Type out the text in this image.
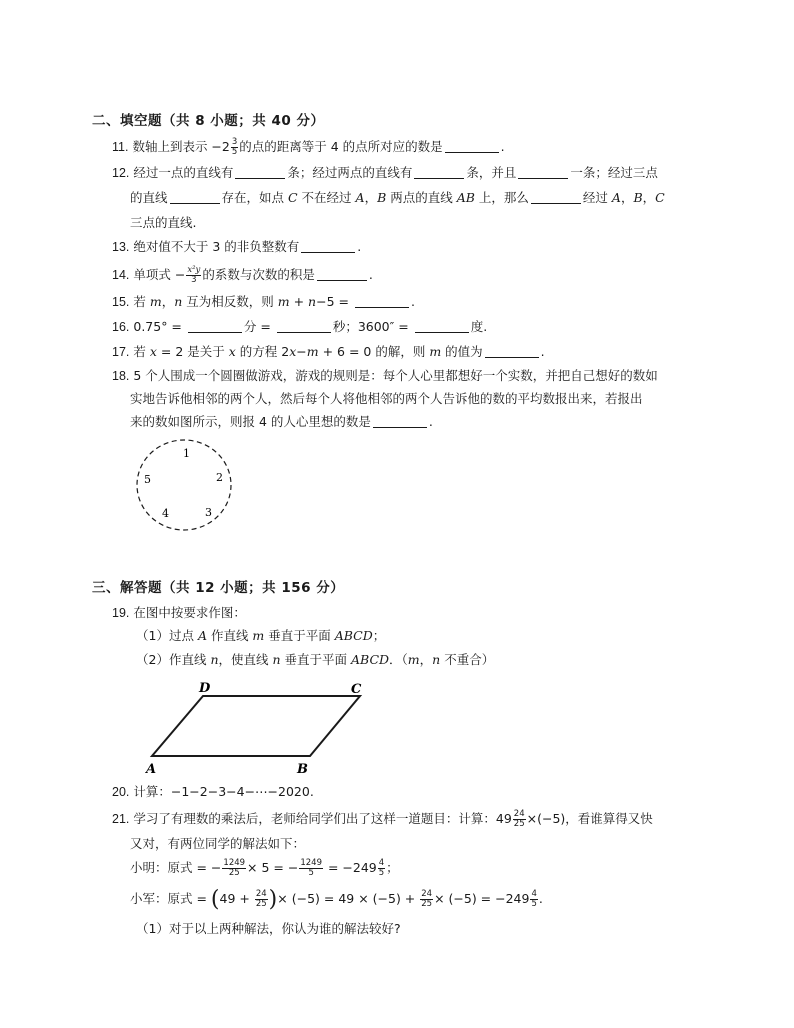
二、填空题（共 8 小题；共 40 分）
11. 数轴上到表示 $-2 \frac{3}{5}$ 的点的距离等于 4 的点所对应的数是	.
12. 经过一点的直线有	条；经过两点的直线有	条，并且	一条；经过三点
的直线	存在，如点 C 不在经过 A，B 两点的直线 AB 上，那么	经过 A，B，C
三点的直线.
13. 绝对值不大于 3 的非负整数有	.
14. 单项式 − $\frac{\text{x²y}}{3}$ 的系数与次数的积是	.
15. 若 m，n 互为相反数，则 m + n−5 =	.
16. 0.75° =	分 =	秒；3600″ =	度.
17. 若 x = 2 是关于 x 的方程 2x−m + 6 = 0 的解，则 m 的值为	.
18. 5 个人围成一个圆圈做游戏，游戏的规则是：每个人心里都想好一个实数，并把自己想好的数如
实地告诉他相邻的两个人，然后每个人将他相邻的两个人告诉他的数的平均数报出来，若报出
来的数如图所示，则报 4 的人心里想的数是	.
1
2
3
4
5
三、解答题（共 12 小题；共 156 分）
19. 在图中按要求作图：
（1）过点 A 作直线 m 垂直于平面 ABCD；
（2）作直线 n，使直线 n 垂直于平面 ABCD．（m，n 不重合）
D	C
A	B
20. 计算：−1−2−3−4−⋯−2020.
21. 学习了有理数的乘法后，老师给同学们出了这样一道题目：计算：$49 \frac{24}{25} \times(-5)$，看谁算得又快
又对，有两位同学的解法如下：
小明：原式 = − $\frac{1249}{25} \times 5$ = − $\frac{1249}{5} = -249 \frac{4}{5}$ ；
小军：原式 = ($49 + \frac{24}{25}$ )× $(-5) = 49 \times (-5) + \frac{24}{25} \times (-5) = -249 \frac{4}{5}$ .
（1）对于以上两种解法，你认为谁的解法较好?
